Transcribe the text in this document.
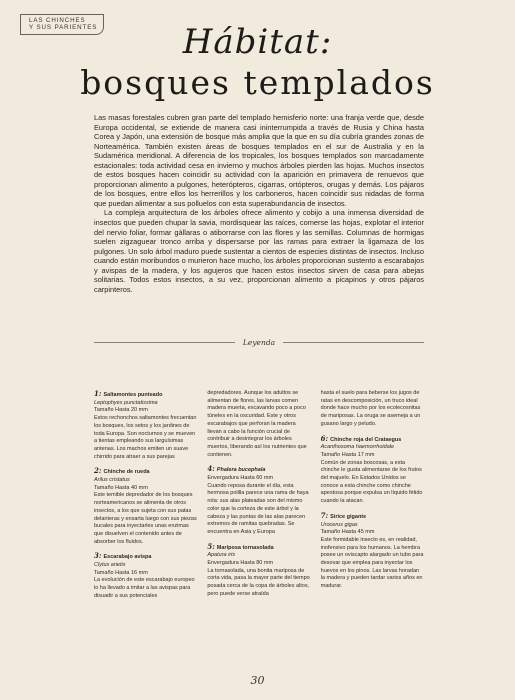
LAS CHINCHES
Y SUS PARIENTES	Hábitat:
bosques templados

Las masas forestales cubren gran parte del templado hemisferio norte: una franja verde que, desde Europa occidental, se extiende de manera casi ininterrumpida a través de Rusia y China hasta Corea y Japón, una extensión de bosque más amplia que la que en su día cubría grandes zonas de Norteamérica. También existen áreas de bosques templados en el sur de Australia y en la Sudamérica meridional. A diferencia de los tropicales, los bosques templados son marcadamente estacionales: toda actividad cesa en invierno y muchos árboles pierden las hojas. Muchos insectos de estos bosques hacen coincidir su actividad con la aparición en primavera de renuevos que proporcionan alimento a pulgones, heterópteros, cigarras, ortópteros, orugas y demás. Los pájaros de los bosques, entre ellos los herrerillos y los carboneros, hacen coincidir sus nidadas de forma que puedan alimentar a sus polluelos con esta superabundancia de insectos.

La compleja arquitectura de los árboles ofrece alimento y cobijo a una inmensa diversidad de insectos que pueden chupar la savia, mordisquear las raíces, comerse las hojas, explotar el interior del nervio foliar, formar gállaras o atiborrarse con las flores y las semillas. Columnas de hormigas suelen zigzaguear tronco arriba y dispersarse por las ramas para extraer la ligamaza de los pulgones. Un solo árbol maduro puede sustentar a cientos de especies distintas de insectos. Incluso cuando están moribundos o murieron hace mucho, los árboles proporcionan sustento a escarabajos y avispas de la madera, y los agujeros que hacen estos insectos sirven de casa para abejas solitarias. Todos estos insectos, a su vez, proporcionan alimento a picapinos y otros pájaros carpinteros.

Leyenda
1: Saltamontes punteado
Leptophyes punctatissima
Tamaño Hasta 20 mm

Estos rechonchos saltamontes frecuentan los bosques, los setos y los jardines de toda Europa. Son nocturnos y se mueven a tientas empleando sus larguísimas antenas. Los machos emiten un suave chirrido para atraer a sus parejas

2: Chinche de rueda
Arilus cristatus
Tamaño Hasta 40 mm

Este temible depredador de los bosques norteamericanos se alimenta de otros insectos, a los que sujeta con sus patas delanteras y ensarta luego con sus piezas bucales para inyectarles unas enzimas que disuelven el contenido antes de absorber los fluidos.

3: Escarabajo avispa
Clytus arietis
Tamaño Hasta 16 mm

La evolución de este escarabajo europeo lo ha llevado a imitar a las avispas para disuadir a sus potenciales

depredadores. Aunque los adultos se alimentan de flores, las larvas comen madera muerta, excavando poco a poco túneles en la oscuridad. Este y otros escarabajos que perforan la madera llevan a cabo la función crucial de contribuir a desintegrar los árboles muertos, liberando así los nutrientes que contienen.

4: Phalera bucephala
Envergadura Hasta 60 mm

Cuando reposa durante el día, esta hermosa polilla parece una rama de haya rota: sus alas plateadas son del mismo color que la corteza de este árbol y la cabeza y las puntas de las alas parecen extremos de ramitas quebradas. Se encuentra en Asia y Europa

5: Mariposa tornasolada
Apatura iris
Envergadura Hasta 80 mm

La tornasolada, una bonita mariposa de corta vida, pasa la mayor parte del tiempo posada cerca de la copa de árboles altos, pero puede verse atraída

hasta el suelo para beberse los jugos de ratas en descomposición, un truco ideal donde hace mucho por los ecolecosnitas de mariposas. La oruga se asemeja a un gusano largo y peludo.

6: Chinche roja del Crataegus
Acanthosoma haemorrhoidale
Tamaño Hasta 17 mm

Común de zonas boscosas, a esta chinche le gusta alimentarse de los frutos del majuelo. En Estados Unidos se conoce a esta chinche como chinche apestosa porque expulsa un líquido fétido cuando la atacan.

7: Sirice gigante
Urocerus gigas
Tamaño Hasta 45 mm

Este formidable insecto es, en realidad, inofensivo para los humanos. La hembra posee un oviscapto alargado un tubo para desovar que emplea para inyectar los huevos en los pinos. Las larvas horadan la madera y pueden tardar varios años en madurar.

30
